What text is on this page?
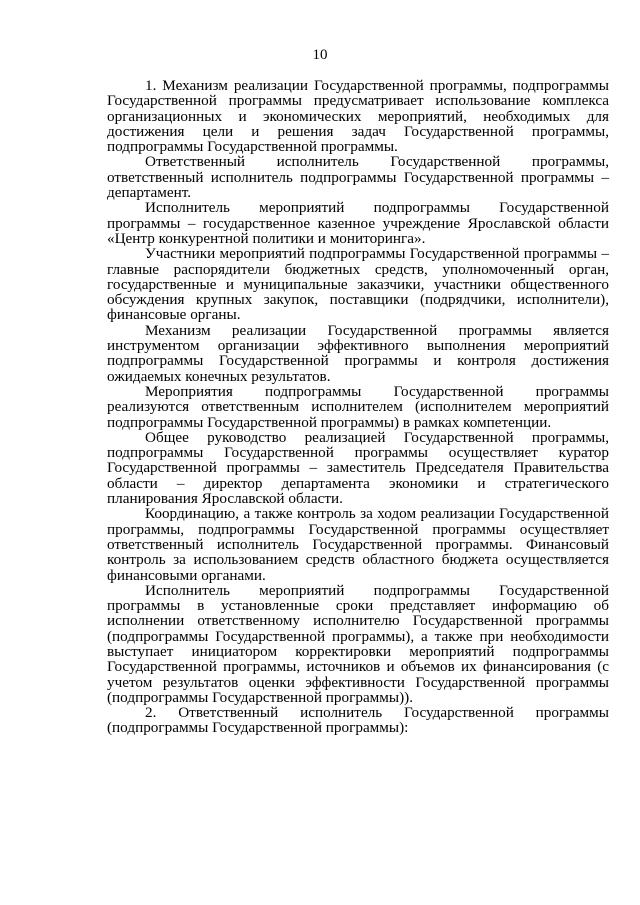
10

1. Механизм реализации Государственной программы, подпрограммы Государственной программы предусматривает использование комплекса организационных и экономических мероприятий, необходимых для достижения цели и решения задач Государственной программы, подпрограммы Государственной программы.

Ответственный исполнитель Государственной программы, ответственный исполнитель подпрограммы Государственной программы – департамент.

Исполнитель мероприятий подпрограммы Государственной программы – государственное казенное учреждение Ярославской области «Центр конкурентной политики и мониторинга».

Участники мероприятий подпрограммы Государственной программы – главные распорядители бюджетных средств, уполномоченный орган, государственные и муниципальные заказчики, участники общественного обсуждения крупных закупок, поставщики (подрядчики, исполнители), финансовые органы.

Механизм реализации Государственной программы является инструментом организации эффективного выполнения мероприятий подпрограммы Государственной программы и контроля достижения ожидаемых конечных результатов.

Мероприятия подпрограммы Государственной программы реализуются ответственным исполнителем (исполнителем мероприятий подпрограммы Государственной программы) в рамках компетенции.

Общее руководство реализацией Государственной программы, подпрограммы Государственной программы осуществляет куратор Государственной программы – заместитель Председателя Правительства области – директор департамента экономики и стратегического планирования Ярославской области.

Координацию, а также контроль за ходом реализации Государственной программы, подпрограммы Государственной программы осуществляет ответственный исполнитель Государственной программы. Финансовый контроль за использованием средств областного бюджета осуществляется финансовыми органами.

Исполнитель мероприятий подпрограммы Государственной программы в установленные сроки представляет информацию об исполнении ответственному исполнителю Государственной программы (подпрограммы Государственной программы), а также при необходимости выступает инициатором корректировки мероприятий подпрограммы Государственной программы, источников и объемов их финансирования (с учетом результатов оценки эффективности Государственной программы (подпрограммы Государственной программы)).

2. Ответственный исполнитель Государственной программы (подпрограммы Государственной программы):
